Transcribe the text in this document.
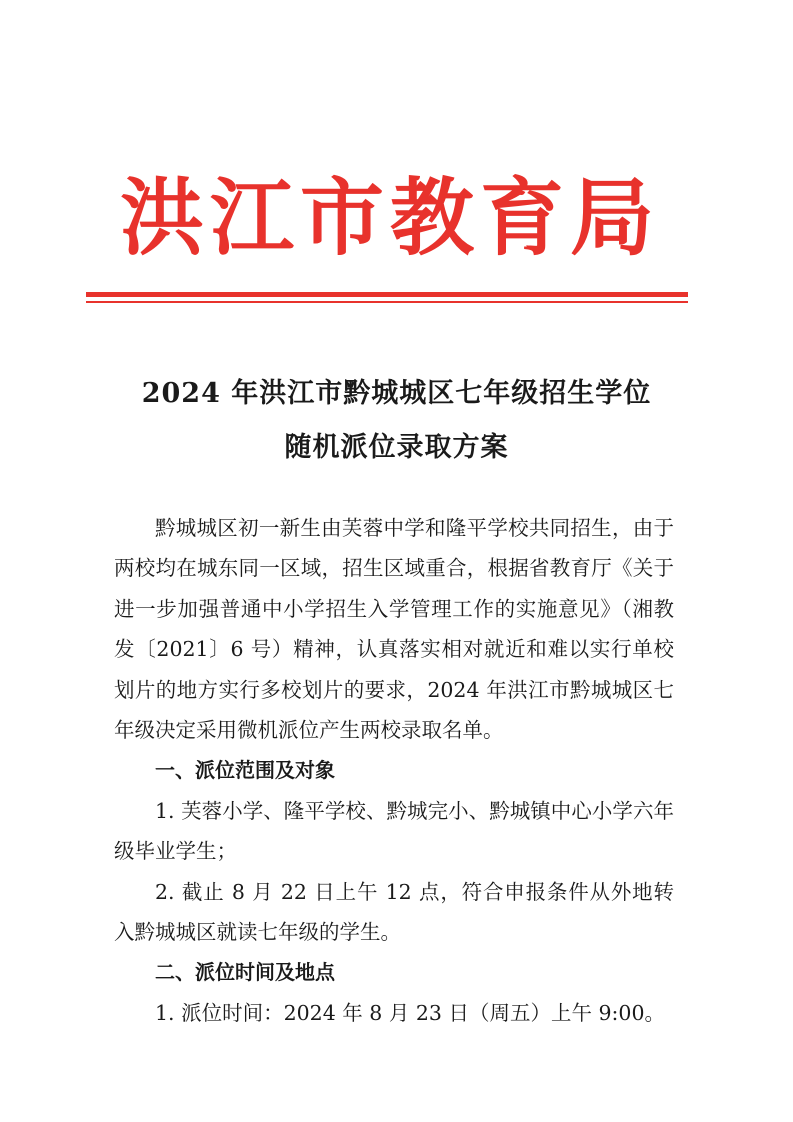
洪江市教育局
2024 年洪江市黔城城区七年级招生学位
随机派位录取方案

黔城城区初一新生由芙蓉中学和隆平学校共同招生，由于两校均在城东同一区域，招生区域重合，根据省教育厅《关于进一步加强普通中小学招生入学管理工作的实施意见》（湘教发〔2021〕6 号）精神，认真落实相对就近和难以实行单校划片的地方实行多校划片的要求，2024 年洪江市黔城城区七年级决定采用微机派位产生两校录取名单。

一、派位范围及对象

1. 芙蓉小学、隆平学校、黔城完小、黔城镇中心小学六年级毕业学生；

2. 截止 8 月 22 日上午 12 点，符合申报条件从外地转入黔城城区就读七年级的学生。

二、派位时间及地点

1. 派位时间：2024 年 8 月 23 日（周五）上午 9:00。
